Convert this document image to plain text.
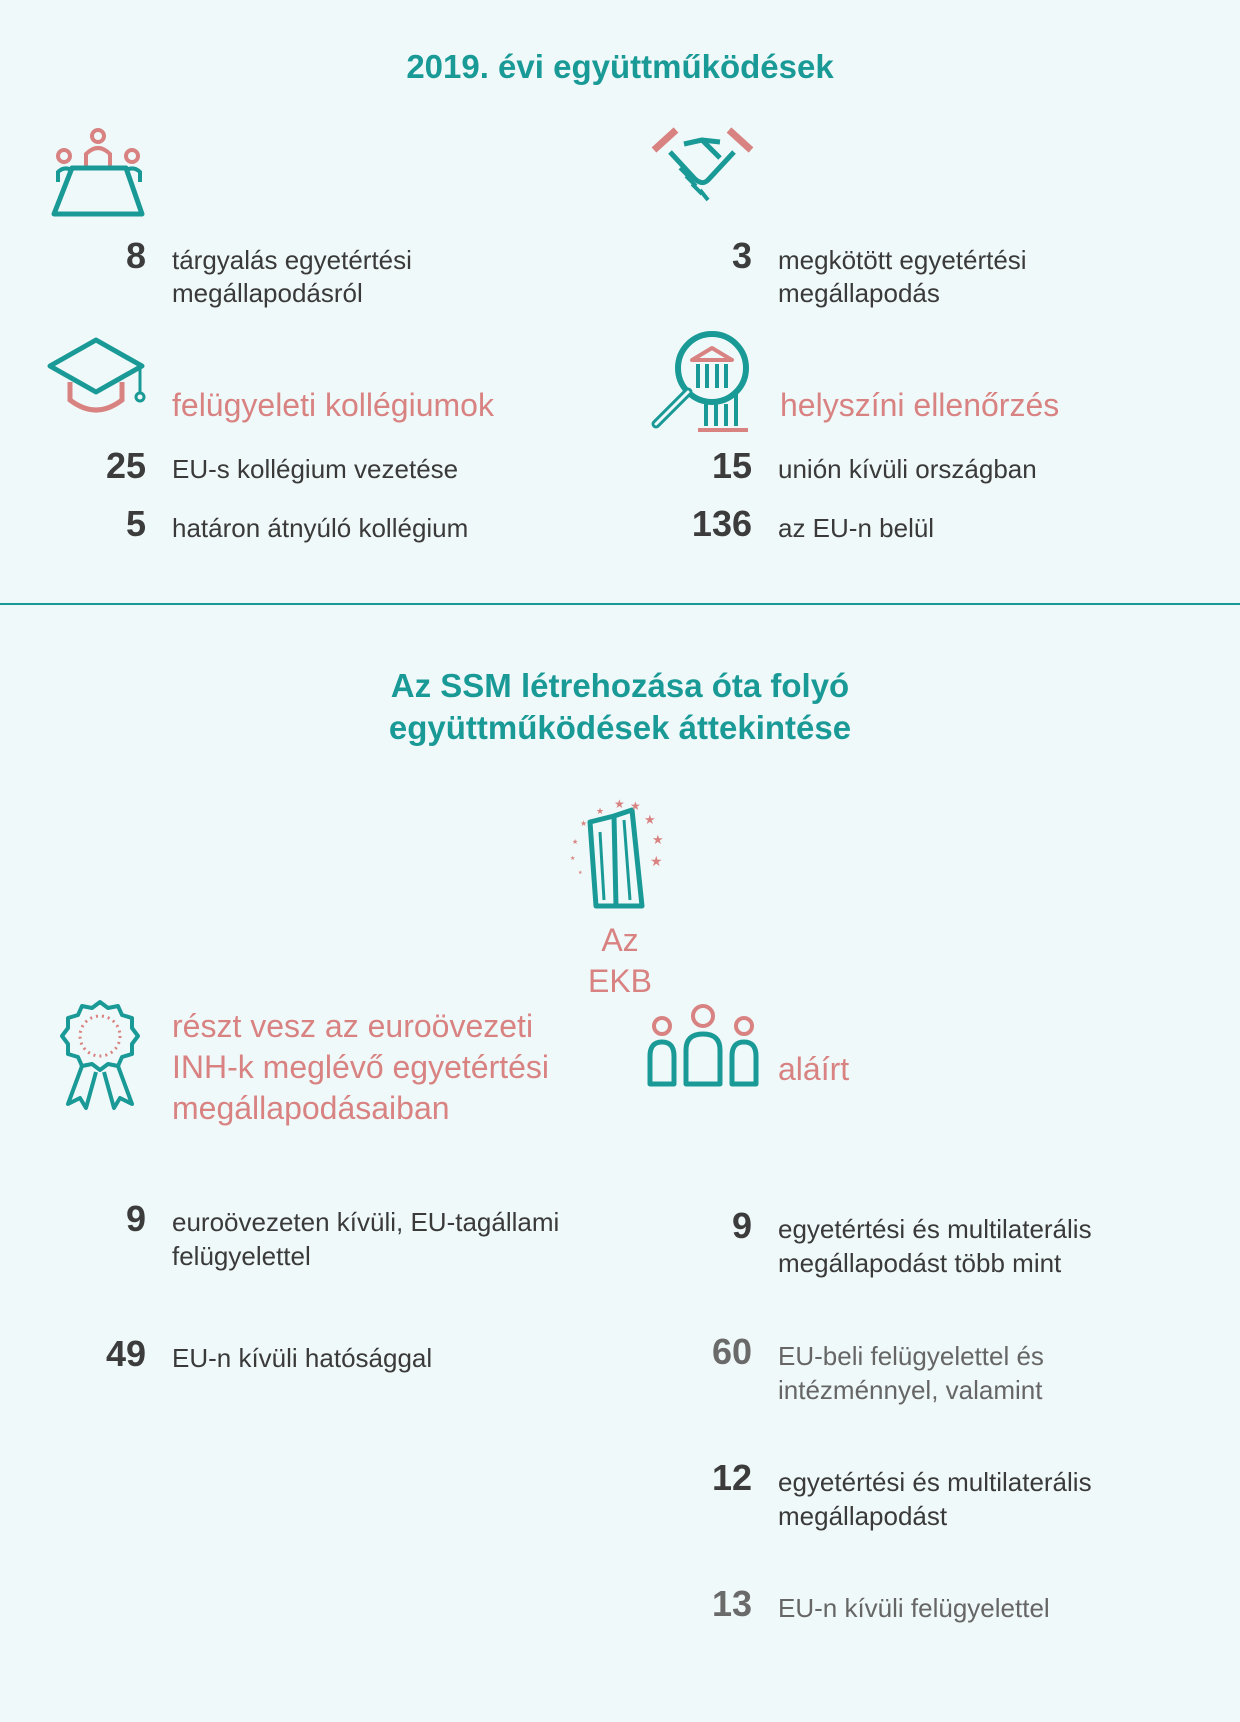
2019. évi együttműködések
8 tárgyalás egyetértési
megállapodásról
3 megkötött egyetértési
megállapodás
felügyeleti kollégiumok
25 EU-s kollégium vezetése
5 határon átnyúló kollégium
helyszíni ellenőrzés
15 unión kívüli országban
136 az EU-n belül
Az SSM létrehozása óta folyó
együttműködések áttekintése
★ ★
★
★
★
★
★
★
★
★
Az
EKB
részt vesz az euroövezeti
INH-k meglévő egyetértési
megállapodásaiban
aláírt
9 euroövezeten kívüli, EU-tagállami
felügyelettel
49 EU-n kívüli hatósággal
9 egyetértési és multilaterális
megállapodást több mint
60 EU-beli felügyelettel és
intézménnyel, valamint
12 egyetértési és multilaterális
megállapodást
13 EU-n kívüli felügyelettel
